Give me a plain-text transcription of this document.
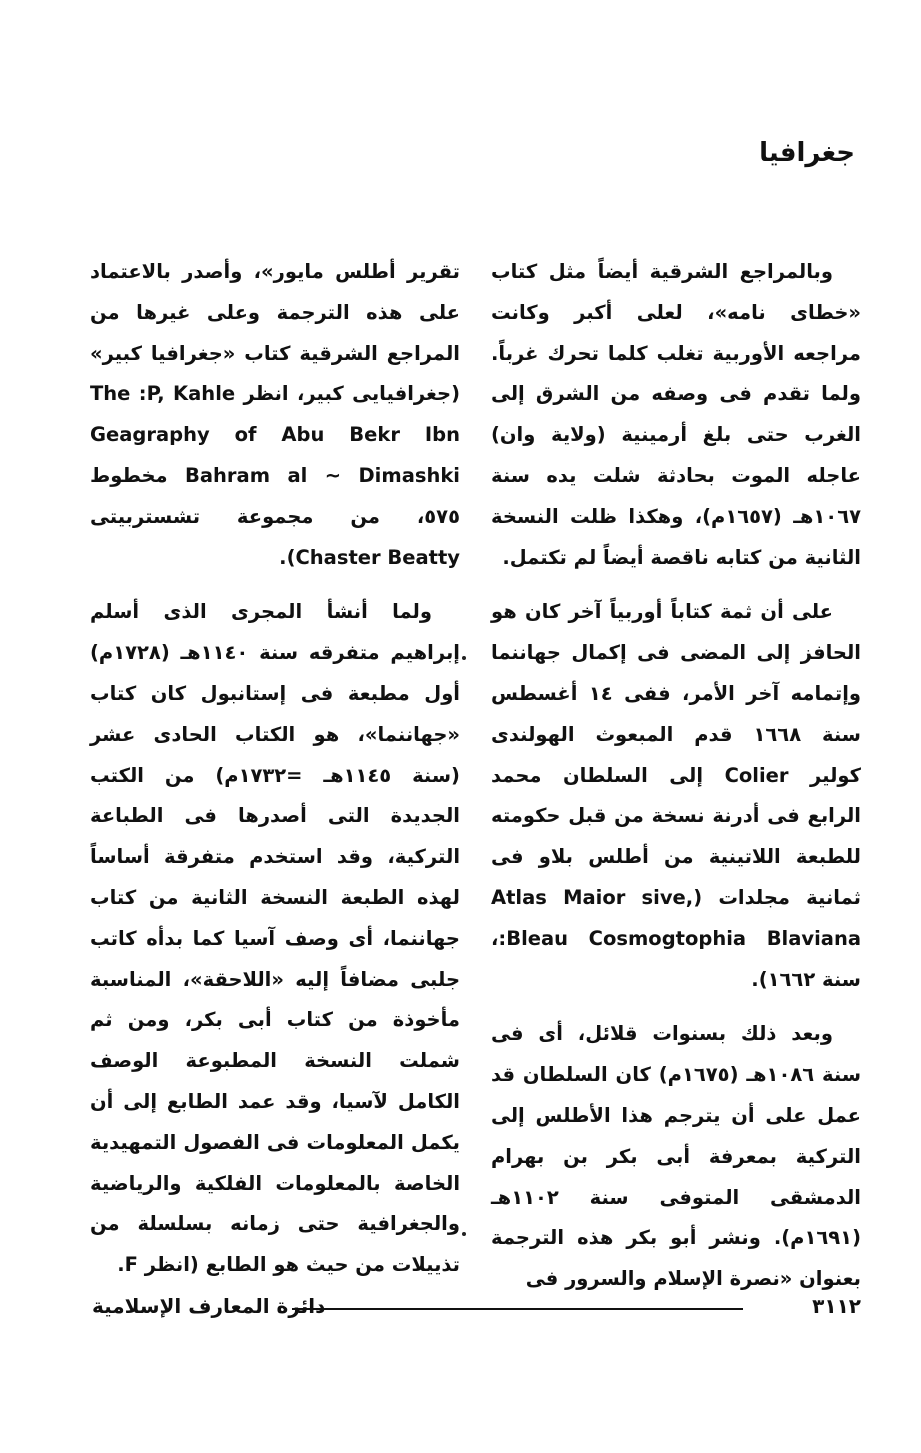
جغرافيا

وبالمراجع الشرقية أيضاً مثل كتاب «خطاى نامه»، لعلى أكبر وكانت مراجعه الأوربية تغلب كلما تحرك غرباً. ولما تقدم فى وصفه من الشرق إلى الغرب حتى بلغ أرمينية (ولاية وان) عاجله الموت بحادثة شلت يده سنة ١٠٦٧هـ (١٦٥٧م)، وهكذا ظلت النسخة الثانية من كتابه ناقصة أيضاً لم تكتمل.

على أن ثمة كتاباً أوربياً آخر كان هو الحافز إلى المضى فى إكمال جهاننما وإتمامه آخر الأمر، ففى ١٤ أغسطس سنة ١٦٦٨ قدم المبعوث الهولندى كولير Colier إلى السلطان محمد الرابع فى أدرنة نسخة من قبل حكومته للطبعة اللاتينية من أطلس بلاو فى ثمانية مجلدات (Atlas Maior sive, :Bleau Cosmogtophia Blaviana، سنة ١٦٦٢).

وبعد ذلك بسنوات قلائل، أى فى سنة ١٠٨٦هـ (١٦٧٥م) كان السلطان قد عمل على أن يترجم هذا الأطلس إلى التركية بمعرفة أبى بكر بن بهرام الدمشقى المتوفى سنة ١١٠٢هـ (١٦٩١م). ونشر أبو بكر هذه الترجمة بعنوان «نصرة الإسلام والسرور فى

تقرير أطلس مايور»، وأصدر بالاعتماد على هذه الترجمة وعلى غيرها من المراجع الشرقية كتاب «جغرافيا كبير» (جغرافيايى كبير، انظر The :P, Kahle Geagraphy of Abu Bekr Ibn Bahram al ~ Dimashki مخطوط ٥٧٥، من مجموعة تشستربيتى Chaster Beatty).

ولما أنشأ المجرى الذى أسلم إبراهيم متفرقه سنة ١١٤٠هـ (١٧٢٨م) أول مطبعة فى إستانبول كان كتاب «جهاننما»، هو الكتاب الحادى عشر (سنة ١١٤٥هـ =١٧٣٢م) من الكتب الجديدة التى أصدرها فى الطباعة التركية، وقد استخدم متفرقة أساساً لهذه الطبعة النسخة الثانية من كتاب جهاننما، أى وصف آسيا كما بدأه كاتب جلبى مضافاً إليه «اللاحقة»، المناسبة مأخوذة من كتاب أبى بكر، ومن ثم شملت النسخة المطبوعة الوصف الكامل لآسيا، وقد عمد الطابع إلى أن يكمل المعلومات فى الفصول التمهيدية الخاصة بالمعلومات الفلكية والرياضية والجغرافية حتى زمانه بسلسلة من تذييلات من حيث هو الطابع (انظر F.

٣١١٢
دائرة المعارف الإسلامية
